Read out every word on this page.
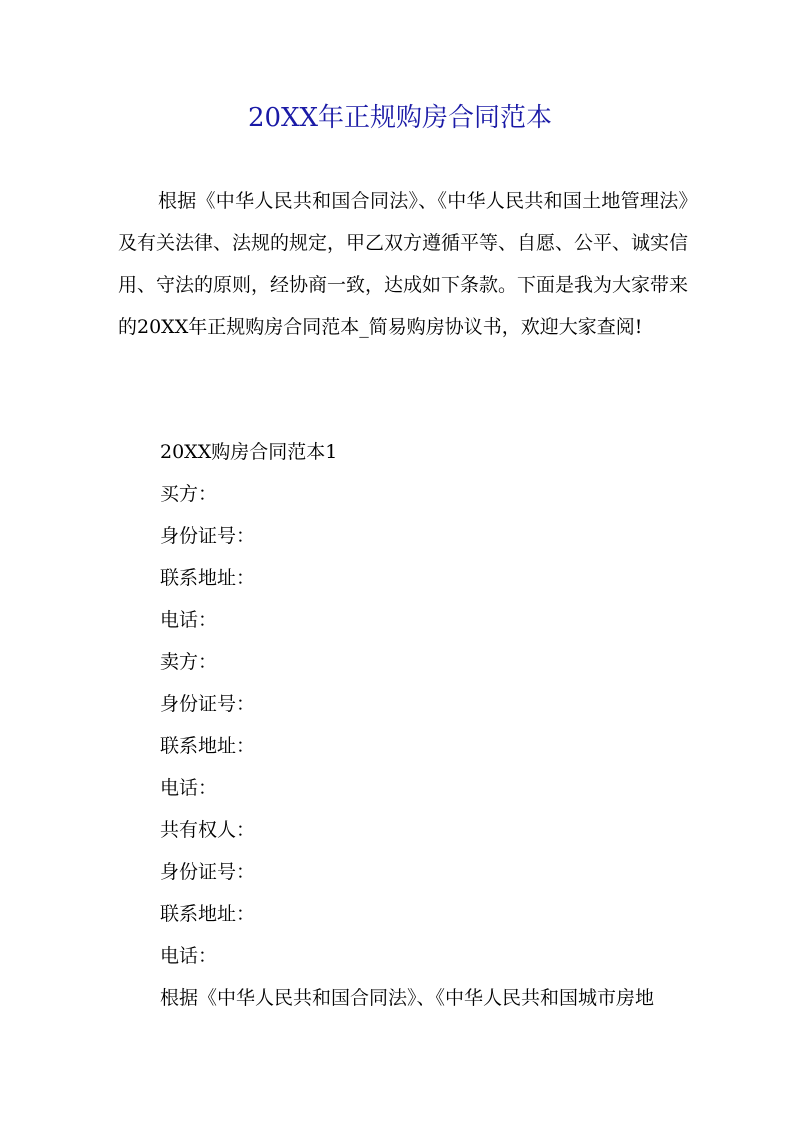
20XX年正规购房合同范本

根据《中华人民共和国合同法》、《中华人民共和国土地管理法》及有关法律、法规的规定，甲乙双方遵循平等、自愿、公平、诚实信用、守法的原则，经协商一致，达成如下条款。下面是我为大家带来的20XX年正规购房合同范本_简易购房协议书，欢迎大家查阅!

20XX购房合同范本1
买方：
身份证号：
联系地址：
电话：
卖方：
身份证号：
联系地址：
电话：
共有权人：
身份证号：
联系地址：
电话：
根据《中华人民共和国合同法》、《中华人民共和国城市房地
